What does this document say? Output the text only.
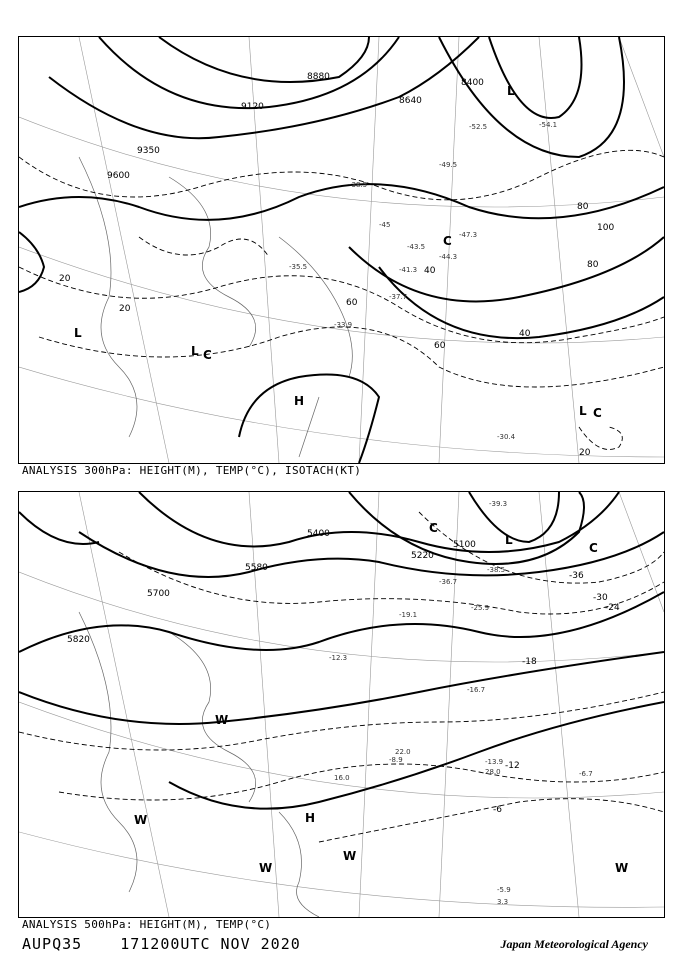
9600
9350
9120
8880
8640
8400
20
20
40
60
80
100
40
60
80
20
L
L
H
L C
L C
C
-45
-47.3
-44.3
-43.5
-41.3
-37.7
-33.9
-35.5
-52.5	-54.1
-49.5
-38.5
-30.4
ANALYSIS 300hPa: HEIGHT(M), TEMP(°C), ISOTACH(KT)
5820
5700
5580
5400
5220
5100
-36
-30
-24
-18
-12
-6
L
C
C
W
W	H
W
W
W
-39.3
-38.5
-36.7
-25.9
-19.1
-16.7
-13.9
-12.3
-8.9
-6.7
-5.9
3.3
28.0
22.0
16.0
ANALYSIS 500hPa: HEIGHT(M), TEMP(°C)
AUPQ35	171200UTC NOV 2020	Japan Meteorological Agency
